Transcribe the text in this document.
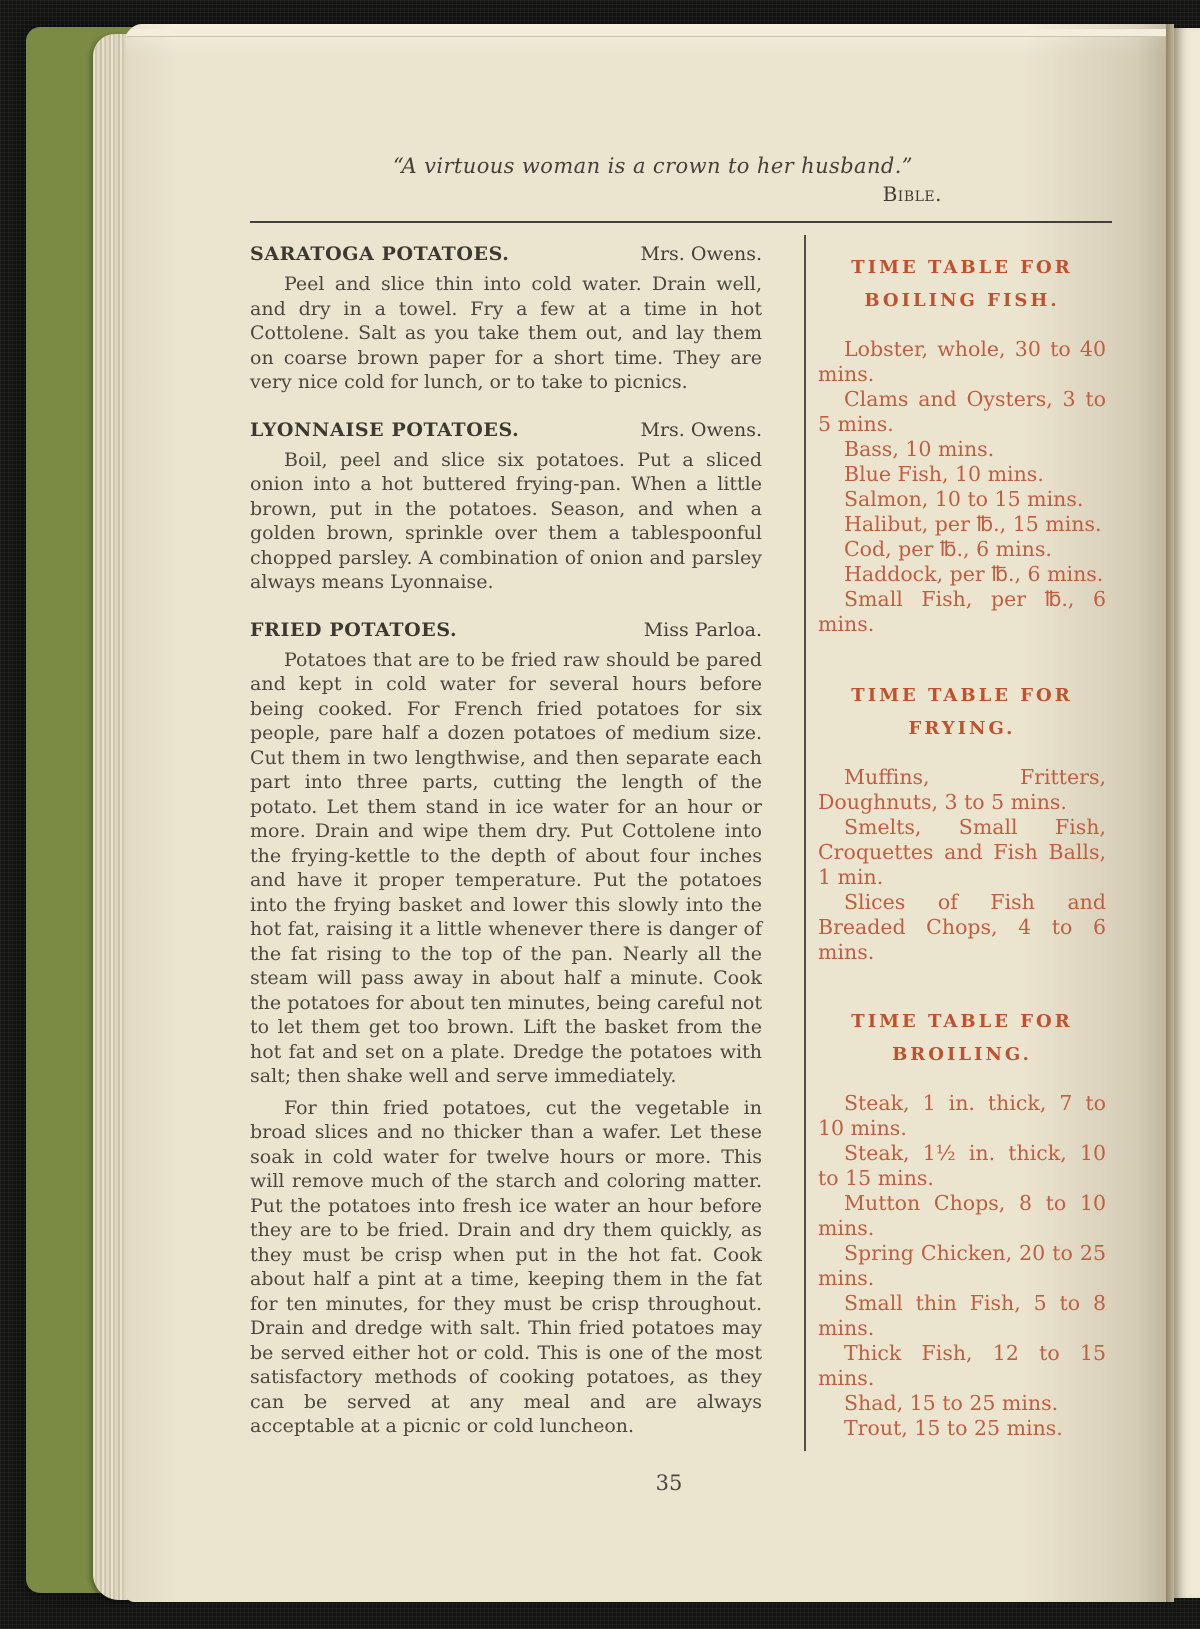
“A virtuous woman is a crown to her husband.”
Bible.
SARATOGA POTATOES.	Mrs. Owens.

Peel and slice thin into cold water. Drain well, and dry in a towel. Fry a few at a time in hot Cottolene. Salt as you take them out, and lay them on coarse brown paper for a short time. They are very nice cold for lunch, or to take to picnics.

LYONNAISE POTATOES.	Mrs. Owens.

Boil, peel and slice six potatoes. Put a sliced onion into a hot buttered frying-pan. When a little brown, put in the potatoes. Season, and when a golden brown, sprinkle over them a tablespoonful chopped parsley. A combination of onion and parsley always means Lyonnaise.

FRIED POTATOES.	Miss Parloa.

Potatoes that are to be fried raw should be pared and kept in cold water for several hours before being cooked. For French fried potatoes for six people, pare half a dozen potatoes of medium size. Cut them in two lengthwise, and then separate each part into three parts, cutting the length of the potato. Let them stand in ice water for an hour or more. Drain and wipe them dry. Put Cottolene into the frying-kettle to the depth of about four inches and have it proper temperature. Put the potatoes into the frying basket and lower this slowly into the hot fat, raising it a little whenever there is danger of the fat rising to the top of the pan. Nearly all the steam will pass away in about half a minute. Cook the potatoes for about ten minutes, being careful not to let them get too brown. Lift the basket from the hot fat and set on a plate. Dredge the potatoes with salt; then shake well and serve immediately.

For thin fried potatoes, cut the vegetable in broad slices and no thicker than a wafer. Let these soak in cold water for twelve hours or more. This will remove much of the starch and coloring matter. Put the potatoes into fresh ice water an hour before they are to be fried. Drain and dry them quickly, as they must be crisp when put in the hot fat. Cook about half a pint at a time, keeping them in the fat for ten minutes, for they must be crisp throughout. Drain and dredge with salt. Thin fried potatoes may be served either hot or cold. This is one of the most satisfactory methods of cooking potatoes, as they can be served at any meal and are always acceptable at a picnic or cold luncheon.

TIME TABLE FOR
BOILING FISH.

Lobster, whole, 30 to 40 mins.

Clams and Oysters, 3 to 5 mins.

Bass, 10 mins.

Blue Fish, 10 mins.

Salmon, 10 to 15 mins.

Halibut, per ℔., 15 mins.

Cod, per ℔., 6 mins.

Haddock, per ℔., 6 mins.

Small Fish, per ℔., 6 mins.

TIME TABLE FOR
FRYING.

Muffins, Fritters, Doughnuts, 3 to 5 mins.

Smelts, Small Fish, Croquettes and Fish Balls, 1 min.

Slices of Fish and Breaded Chops, 4 to 6 mins.

TIME TABLE FOR
BROILING.

Steak, 1 in. thick, 7 to 10 mins.

Steak, 1½ in. thick, 10 to 15 mins.

Mutton Chops, 8 to 10 mins.

Spring Chicken, 20 to 25 mins.

Small thin Fish, 5 to 8 mins.

Thick Fish, 12 to 15 mins.

Shad, 15 to 25 mins.

Trout, 15 to 25 mins.

35
